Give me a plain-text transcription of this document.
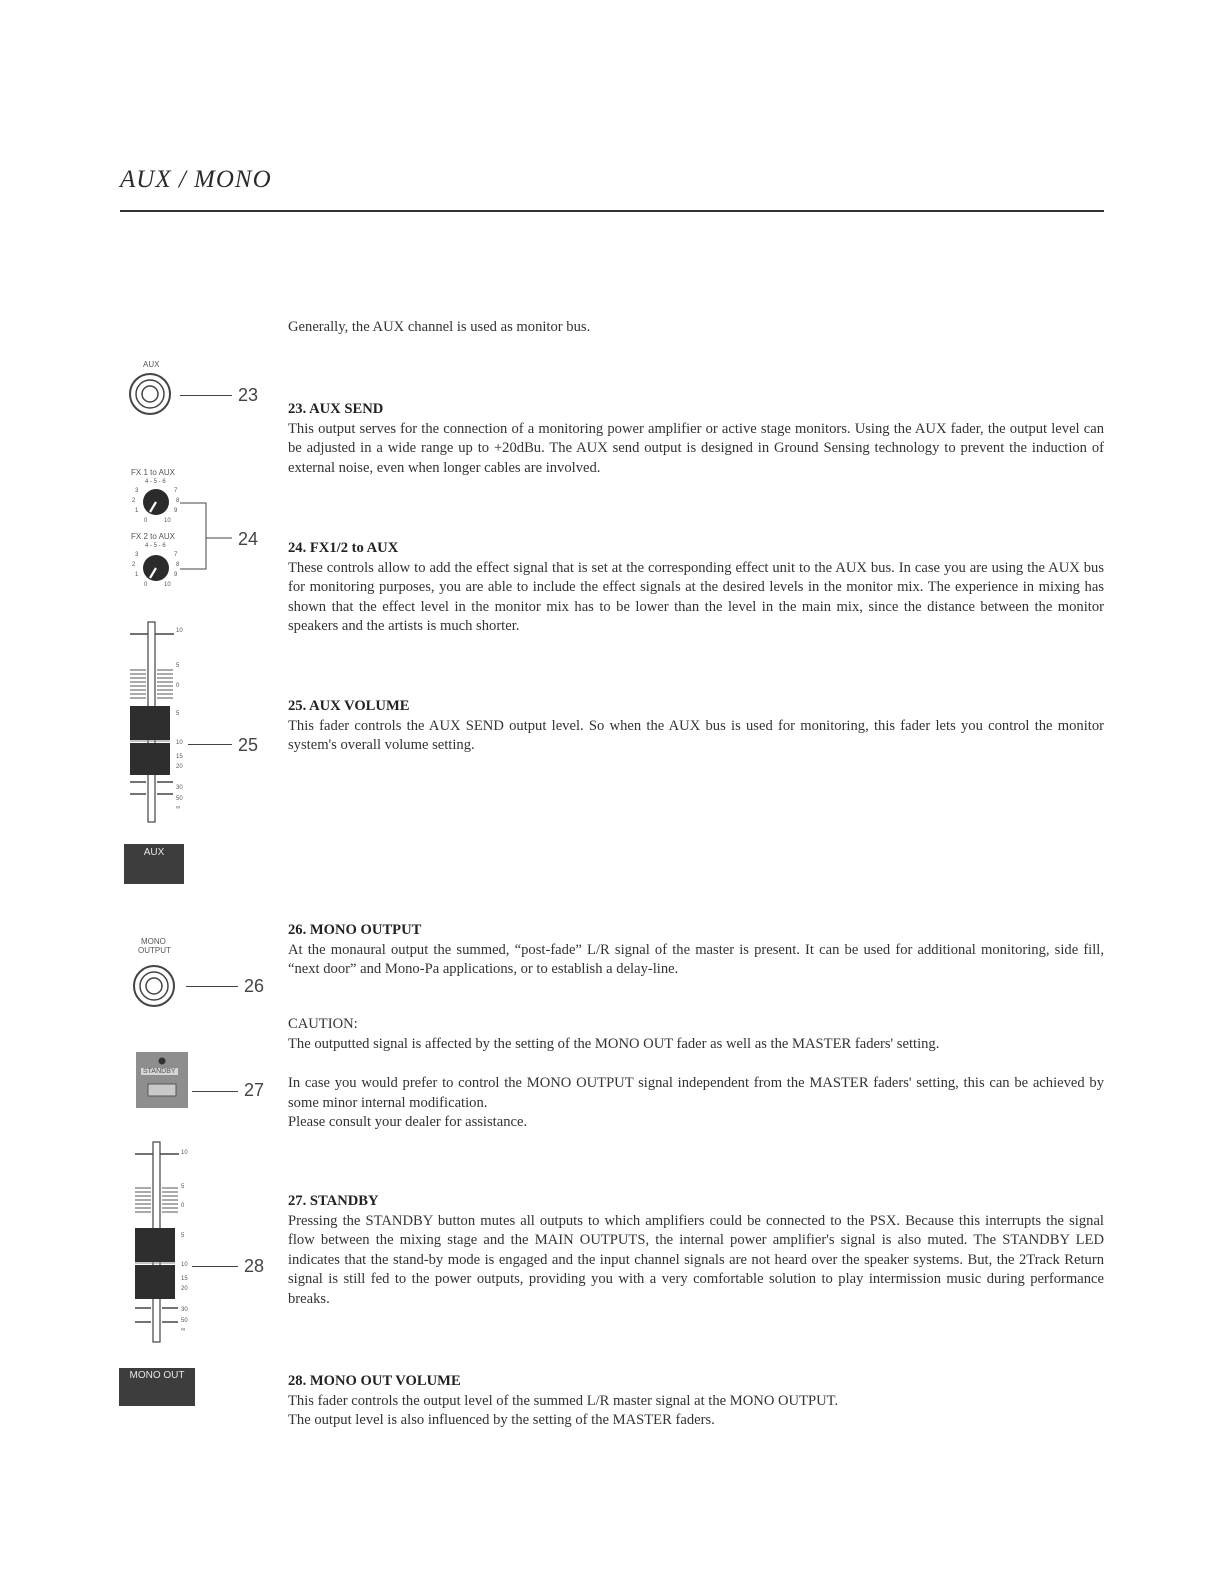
AUX / MONO
Generally, the AUX channel is used as monitor bus.
23. AUX SEND

This output serves for the connection of a monitoring power amplifier or active stage monitors. Using the AUX fader, the output level can be adjusted in a wide range up to +20dBu. The AUX send output is designed in Ground Sensing technology to prevent the induction of external noise, even when longer cables are involved.

24. FX1/2 to AUX

These controls allow to add the effect signal that is set at the corresponding effect unit to the AUX bus. In case you are using the AUX bus for monitoring purposes, you are able to include the effect signals at the desired levels in the monitor mix. The experience in mixing has shown that the effect level in the monitor mix has to be lower than the level in the main mix, since the distance between the monitor speakers and the artists is much shorter.

25. AUX VOLUME

This fader controls the AUX SEND output level. So when the AUX bus is used for monitoring, this fader lets you control the monitor system's overall volume setting.

26. MONO OUTPUT

At the monaural output the summed, “post-fade” L/R signal of the master is present. It can be used for additional monitoring, side fill, “next door” and Mono-Pa applications, or to establish a delay-line.

CAUTION:
The outputted signal is affected by the setting of the MONO OUT fader as well as the MASTER faders' setting.

In case you would prefer to control the MONO OUTPUT signal independent from the MASTER faders' setting, this can be achieved by some minor internal modification.

Please consult your dealer for assistance.

27. STANDBY

Pressing the STANDBY button mutes all outputs to which amplifiers could be connected to the PSX. Because this interrupts the signal flow between the mixing stage and the MAIN OUTPUTS, the internal power amplifier's signal is also muted. The STANDBY LED indicates that the stand-by mode is engaged and the input channel signals are not heard over the speaker systems. But, the 2Track Return signal is still fed to the power outputs, providing you with a very comfortable solution to play intermission music during performance breaks.

28. MONO OUT VOLUME

This fader controls the output level of the summed L/R master signal at the MONO OUTPUT.

The output level is also influenced by the setting of the MASTER faders.

AUX
23
FX 1 to AUX
4 - 5 - 6
3
2
1
7
8
9
0	10
FX 2 to AUX
4 - 5 - 6
3
2
1
7
8
9
0	10
24
10
5
0
5
10
15
20
30
50
∞
25
AUX
MONO
OUTPUT
26
STANDBY
27
10
5
0
5
10
15
20
30
50
∞
28
MONO OUT
